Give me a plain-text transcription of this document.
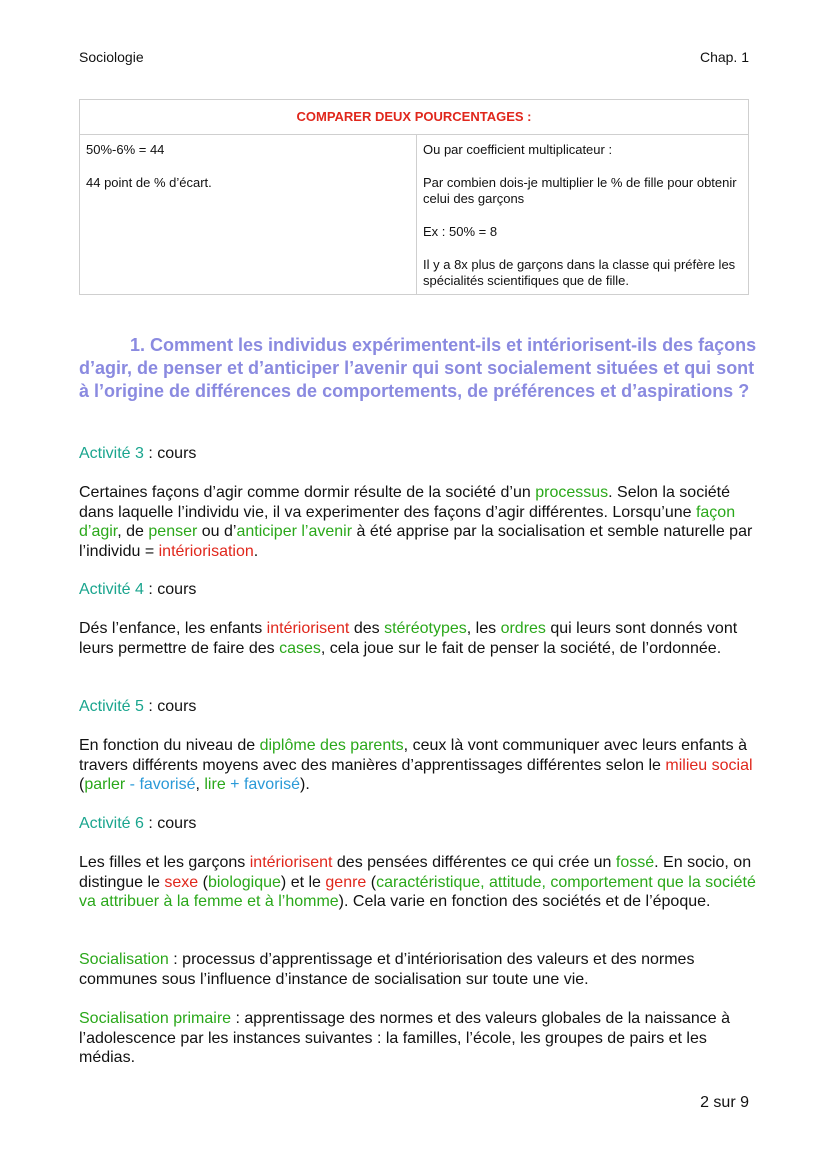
Sociologie	Chap. 1
COMPARER DEUX POURCENTAGES :

50%-6% = 44

44 point de % d’écart.

Ou par coefficient multiplicateur :

Par combien dois-je multiplier le % de fille pour obtenir celui des garçons

Ex : 50% = 8

Il y a 8x plus de garçons dans la classe qui préfère les spécialités scientifiques que de fille.

1. Comment les individus expérimentent-ils et intériorisent-ils des façons d’agir, de penser et d’anticiper l’avenir qui sont socialement situées et qui sont à l’origine de différences de comportements, de préférences et d’aspirations ?

Activité 3 : cours

Certaines façons d’agir comme dormir résulte de la société d’un processus. Selon la société dans laquelle l’individu vie, il va experimenter des façons d’agir différentes. Lorsqu’une façon d’agir, de penser ou d’anticiper l’avenir à été apprise par la socialisation et semble naturelle par l’individu = intériorisation.

Activité 4 : cours

Dés l’enfance, les enfants intériorisent des stéréotypes, les ordres qui leurs sont donnés vont leurs permettre de faire des cases, cela joue sur le fait de penser la société, de l’ordonnée.

Activité 5 : cours

En fonction du niveau de diplôme des parents, ceux là vont communiquer avec leurs enfants à travers différents moyens avec des manières d’apprentissages différentes selon le milieu social (parler - favorisé, lire + favorisé).

Activité 6 : cours

Les filles et les garçons intériorisent des pensées différentes ce qui crée un fossé. En socio, on distingue le sexe (biologique) et le genre (caractéristique, attitude, comportement que la société va attribuer à la femme et à l’homme). Cela varie en fonction des sociétés et de l’époque.

Socialisation : processus d’apprentissage et d’intériorisation des valeurs et des normes communes sous l’influence d’instance de socialisation sur toute une vie.

Socialisation primaire : apprentissage des normes et des valeurs globales de la naissance à l’adolescence par les instances suivantes : la familles, l’école, les groupes de pairs et les médias.

2 sur 9
